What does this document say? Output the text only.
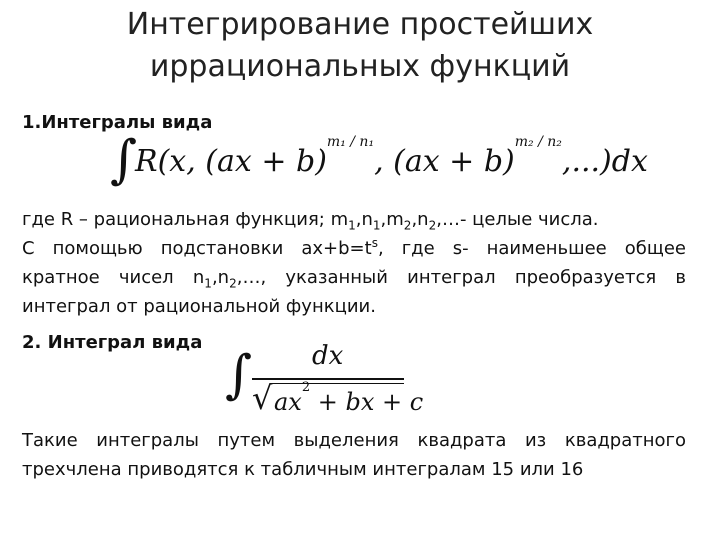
Интегрирование простейших
иррациональных функций
1.Интегралы вида
∫
R(x, (ax + b)$^{m_1 / n_1}$, (ax + b)$^{m_2 / n_2}$,...)dx
где R – рациональная функция; $m_1,n_1,m_2,n_2,\dots-$ целые числа.
С помощью подстановки $ax+b=t^s$, где s- наименьшее общее
кратное чисел $n_1,n_2,\dots$, указанный интеграл преобразуется в
интеграл от рациональной функции.
2. Интеграл вида
∫ dx
√ $ax^2$ + bx + c
Такие интегралы путем выделения квадрата из квадратного
трехчлена приводятся к табличным интегралам 15 или 16
